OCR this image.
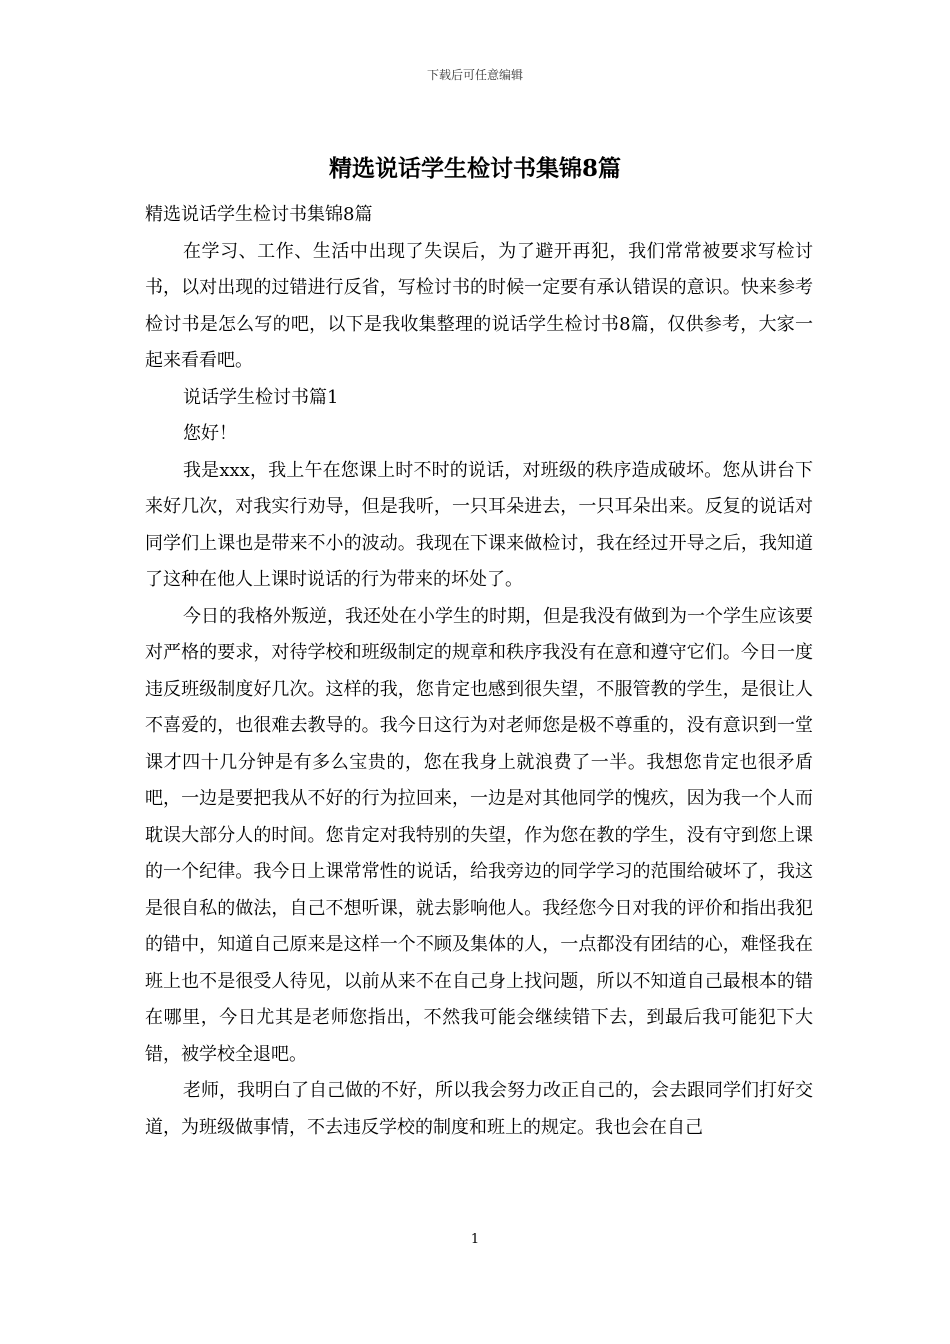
下载后可任意编辑
精选说话学生检讨书集锦8篇

精选说话学生检讨书集锦8篇

在学习、工作、生活中出现了失误后，为了避开再犯，我们常常被要求写检讨书，以对出现的过错进行反省，写检讨书的时候一定要有承认错误的意识。快来参考检讨书是怎么写的吧，以下是我收集整理的说话学生检讨书8篇，仅供参考，大家一起来看看吧。

说话学生检讨书篇1

您好！

我是xxx，我上午在您课上时不时的说话，对班级的秩序造成破坏。您从讲台下来好几次，对我实行劝导，但是我听，一只耳朵进去，一只耳朵出来。反复的说话对同学们上课也是带来不小的波动。我现在下课来做检讨，我在经过开导之后，我知道了这种在他人上课时说话的行为带来的坏处了。

今日的我格外叛逆，我还处在小学生的时期，但是我没有做到为一个学生应该要对严格的要求，对待学校和班级制定的规章和秩序我没有在意和遵守它们。今日一度违反班级制度好几次。这样的我，您肯定也感到很失望，不服管教的学生，是很让人不喜爱的，也很难去教导的。我今日这行为对老师您是极不尊重的，没有意识到一堂课才四十几分钟是有多么宝贵的，您在我身上就浪费了一半。我想您肯定也很矛盾吧，一边是要把我从不好的行为拉回来，一边是对其他同学的愧疚，因为我一个人而耽误大部分人的时间。您肯定对我特别的失望，作为您在教的学生，没有守到您上课的一个纪律。我今日上课常常性的说话，给我旁边的同学学习的范围给破坏了，我这是很自私的做法，自己不想听课，就去影响他人。我经您今日对我的评价和指出我犯的错中，知道自己原来是这样一个不顾及集体的人，一点都没有团结的心，难怪我在班上也不是很受人待见，以前从来不在自己身上找问题，所以不知道自己最根本的错在哪里，今日尤其是老师您指出，不然我可能会继续错下去，到最后我可能犯下大错，被学校全退吧。

老师，我明白了自己做的不好，所以我会努力改正自己的，会去跟同学们打好交道，为班级做事情，不去违反学校的制度和班上的规定。我也会在自己

1
